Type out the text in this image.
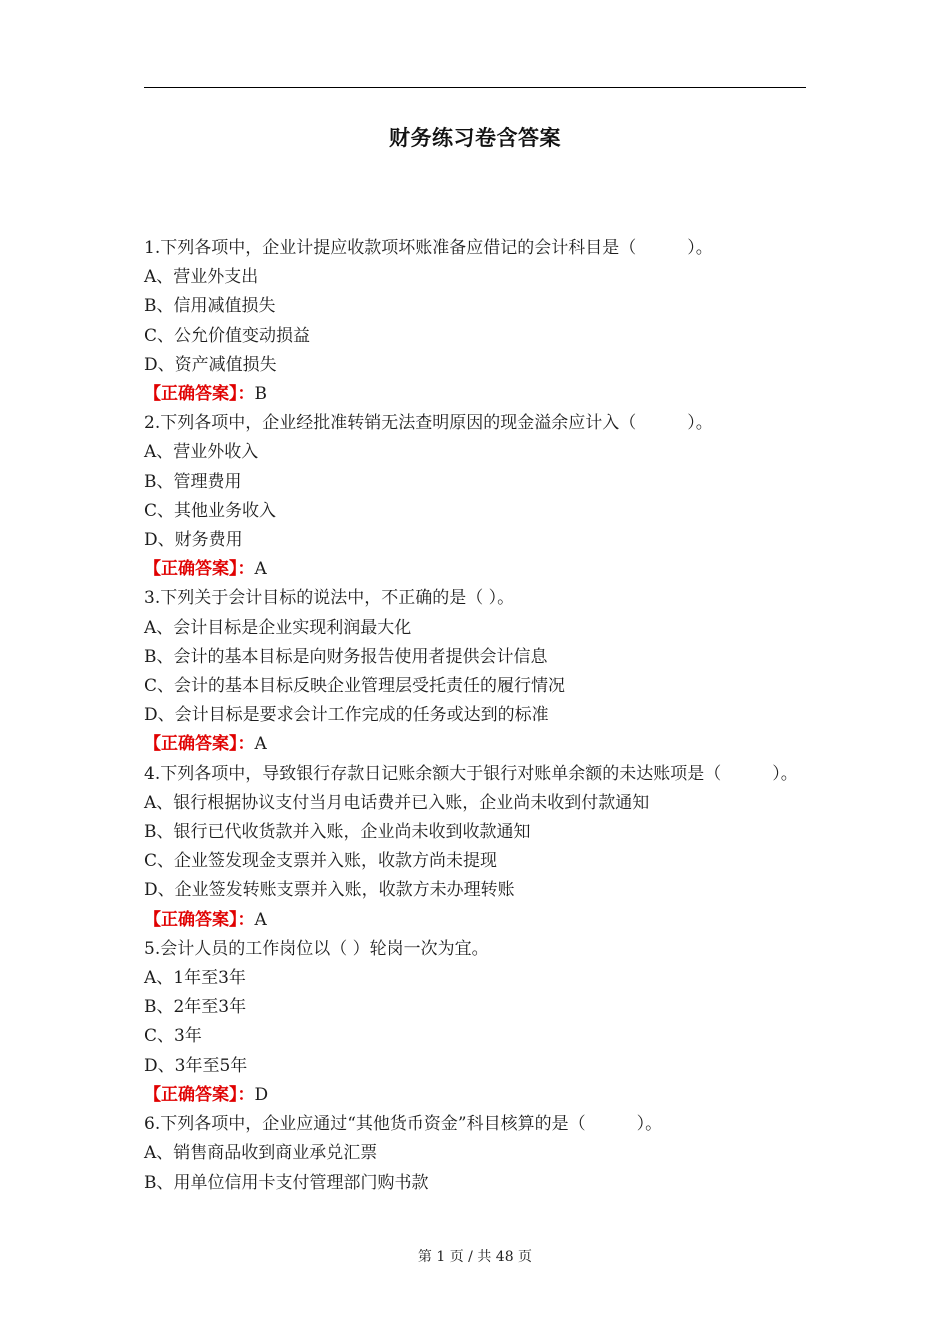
财务练习卷含答案
1.下列各项中，企业计提应收款项坏账准备应借记的会计科目是（　　　）。
A、营业外支出
B、信用减值损失
C、公允价值变动损益
D、资产减值损失
【正确答案】：B
2.下列各项中，企业经批准转销无法查明原因的现金溢余应计入（　　　）。
A、营业外收入
B、管理费用
C、其他业务收入
D、财务费用
【正确答案】：A
3.下列关于会计目标的说法中，不正确的是（ ）。
A、会计目标是企业实现利润最大化
B、会计的基本目标是向财务报告使用者提供会计信息
C、会计的基本目标反映企业管理层受托责任的履行情况
D、会计目标是要求会计工作完成的任务或达到的标准
【正确答案】：A
4.下列各项中，导致银行存款日记账余额大于银行对账单余额的未达账项是（　　　）。
A、银行根据协议支付当月电话费并已入账，企业尚未收到付款通知
B、银行已代收货款并入账，企业尚未收到收款通知
C、企业签发现金支票并入账，收款方尚未提现
D、企业签发转账支票并入账，收款方未办理转账
【正确答案】：A
5.会计人员的工作岗位以（ ）轮岗一次为宜。
A、1年至3年
B、2年至3年
C、3年
D、3年至5年
【正确答案】：D
6.下列各项中，企业应通过“其他货币资金”科目核算的是（　　　）。
A、销售商品收到商业承兑汇票
B、用单位信用卡支付管理部门购书款
第 1 页 / 共 48 页
